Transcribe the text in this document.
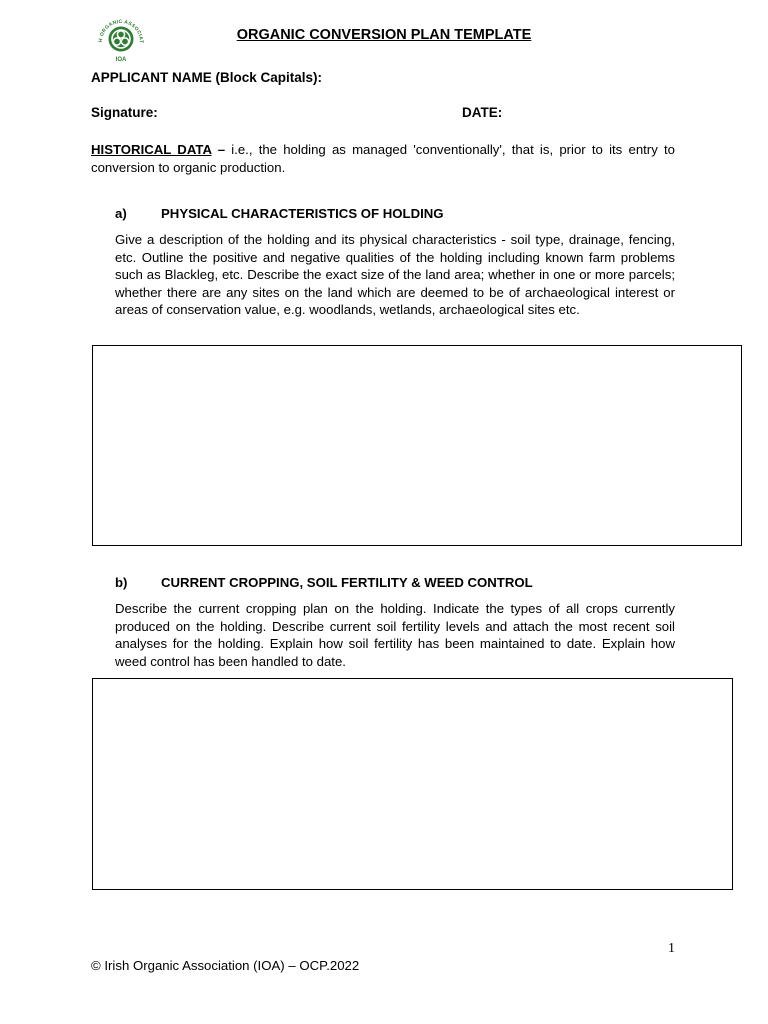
H ORGANIC ASSOCIAT
IOA
ORGANIC CONVERSION PLAN TEMPLATE
APPLICANT NAME (Block Capitals):
Signature:	DATE:
HISTORICAL DATA – i.e., the holding as managed 'conventionally', that is, prior to its entry to conversion to organic production.
a)	PHYSICAL CHARACTERISTICS OF HOLDING
Give a description of the holding and its physical characteristics - soil type, drainage, fencing, etc. Outline the positive and negative qualities of the holding including known farm problems such as Blackleg, etc. Describe the exact size of the land area; whether in one or more parcels; whether there are any sites on the land which are deemed to be of archaeological interest or areas of conservation value, e.g. woodlands, wetlands, archaeological sites etc.
b)	CURRENT CROPPING, SOIL FERTILITY & WEED CONTROL
Describe the current cropping plan on the holding. Indicate the types of all crops currently produced on the holding. Describe current soil fertility levels and attach the most recent soil analyses for the holding. Explain how soil fertility has been maintained to date. Explain how weed control has been handled to date.
1
© Irish Organic Association (IOA) – OCP.2022
